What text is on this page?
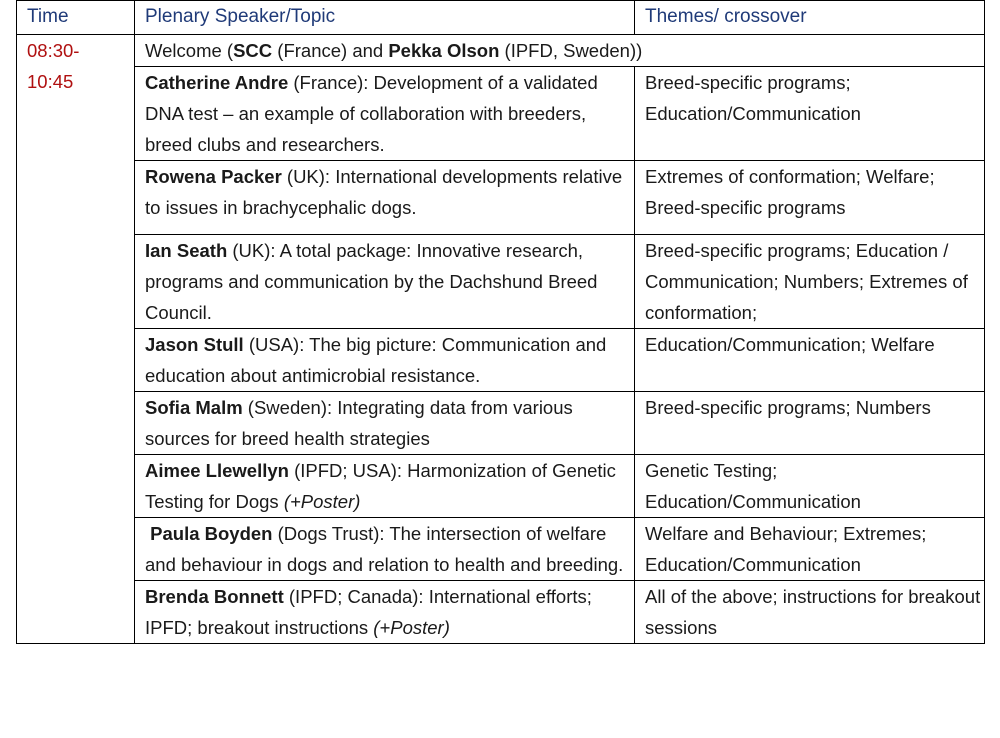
Time	Plenary Speaker/Topic	Themes/ crossover
08:30-
10:45	Welcome (SCC (France) and Pekka Olson (IPFD, Sweden))	
	Catherine Andre (France): Development of a validated DNA test – an example of collaboration with breeders, breed clubs and researchers.	Breed-specific programs; Education/Communication
	Rowena Packer (UK): International developments relative to issues in brachycephalic dogs.	Extremes of conformation; Welfare; Breed-specific programs
	Ian Seath (UK): A total package: Innovative research, programs and communication by the Dachshund Breed Council.	Breed-specific programs; Education / Communication; Numbers; Extremes of conformation;
	Jason Stull (USA): The big picture: Communication and education about antimicrobial resistance.	Education/Communication; Welfare
	Sofia Malm (Sweden): Integrating data from various sources for breed health strategies	Breed-specific programs; Numbers
	Aimee Llewellyn (IPFD; USA): Harmonization of Genetic Testing for Dogs (+Poster)	Genetic Testing; Education/Communication
	Paula Boyden (Dogs Trust): The intersection of welfare and behaviour in dogs and relation to health and breeding.	Welfare and Behaviour; Extremes; Education/Communication
	Brenda Bonnett (IPFD; Canada): International efforts; IPFD; breakout instructions (+Poster)	All of the above; instructions for breakout sessions
